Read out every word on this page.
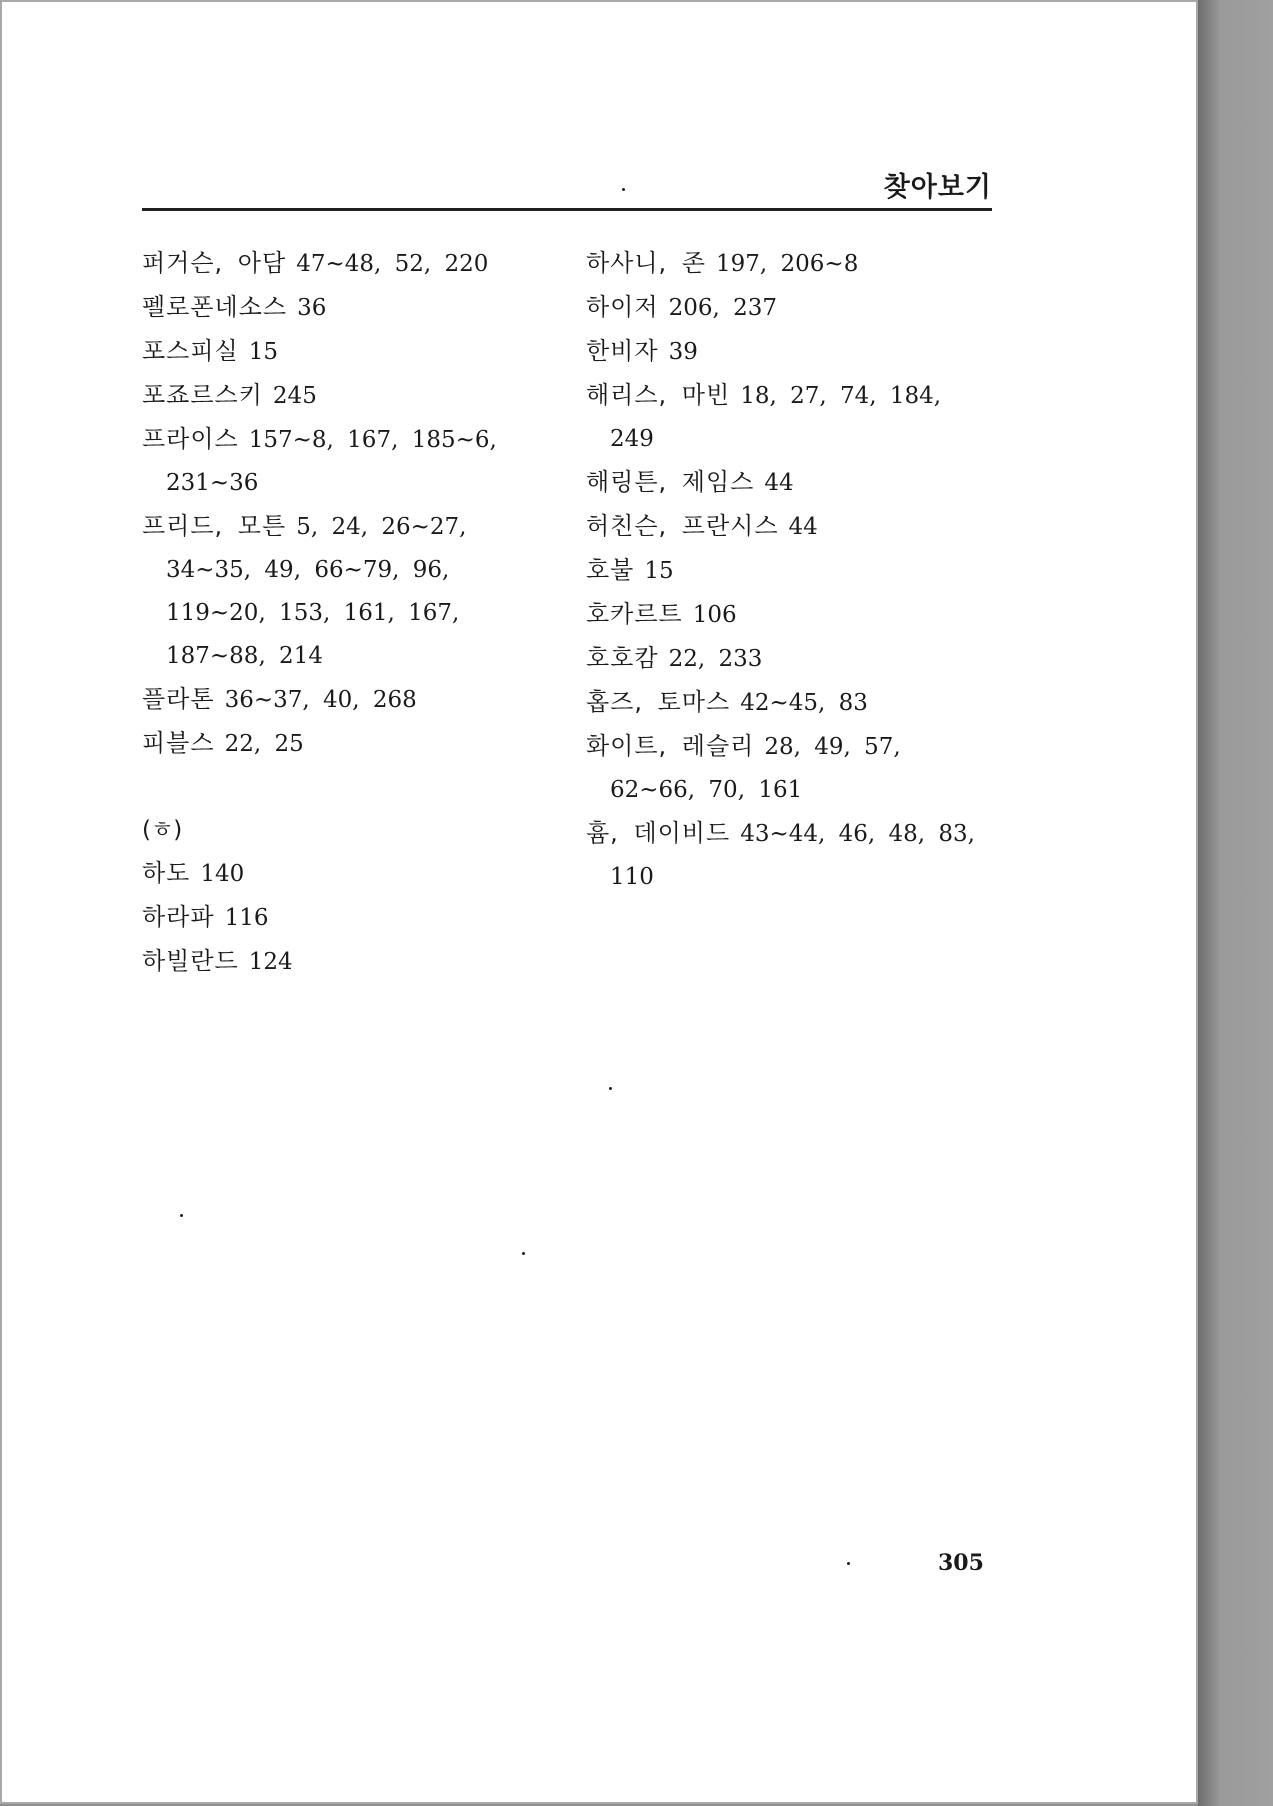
찾아보기
퍼거슨, 아담 47~48, 52, 220
펠로폰네소스 36
포스피실 15
포죠르스키 245
프라이스 157~8, 167, 185~6, 231~36
프리드, 모튼 5, 24, 26~27, 34~35, 49, 66~79, 96, 119~20, 153, 161, 167, 187~88, 214
플라톤 36~37, 40, 268
피블스 22, 25
(ㅎ)
하도 140
하라파 116
하빌란드 124
하사니, 존 197, 206~8
하이저 206, 237
한비자 39
해리스, 마빈 18, 27, 74, 184, 249
해링튼, 제임스 44
허친슨, 프란시스 44
호불 15
호카르트 106
호호캄 22, 233
홉즈, 토마스 42~45, 83
화이트, 레슬리 28, 49, 57, 62~66, 70, 161
흄, 데이비드 43~44, 46, 48, 83, 110
305
